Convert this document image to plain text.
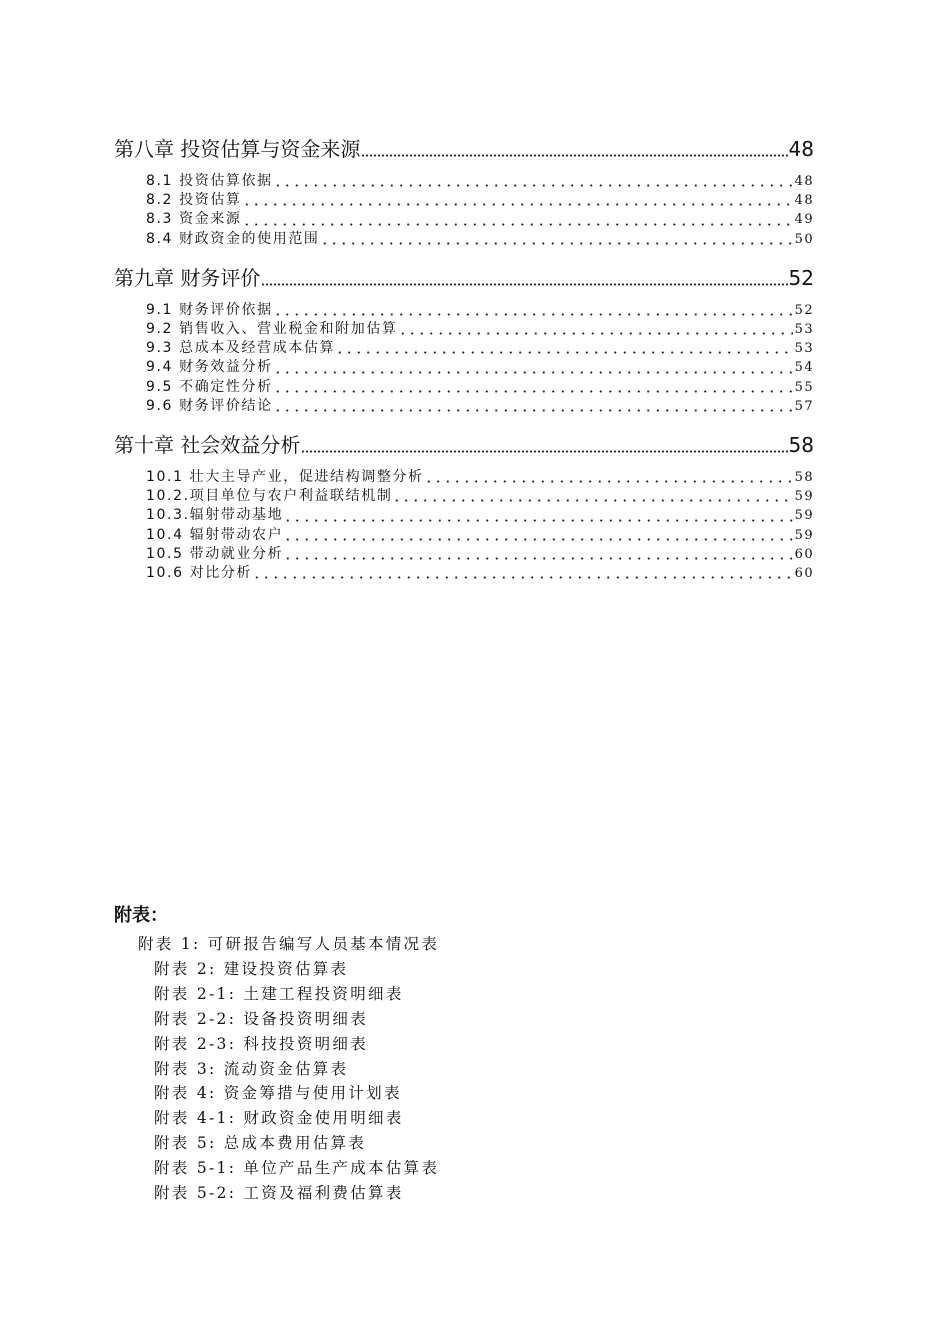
第八章 投资估算与资金来源	48
8.1 投资估算依据	48
8.2 投资估算	48
8.3 资金来源	49
8.4 财政资金的使用范围	50
第九章 财务评价	52
9.1 财务评价依据	52
9.2 销售收入、营业税金和附加估算	53
9.3 总成本及经营成本估算	53
9.4 财务效益分析	54
9.5 不确定性分析	55
9.6 财务评价结论	57
第十章 社会效益分析	58
10.1 壮大主导产业，促进结构调整分析	58
10.2.项目单位与农户利益联结机制	59
10.3.辐射带动基地	59
10.4 辐射带动农户	59
10.5 带动就业分析	60
10.6 对比分析	60
附表：
附表 1: 可研报告编写人员基本情况表
附表 2: 建设投资估算表
附表 2-1: 土建工程投资明细表
附表 2-2: 设备投资明细表
附表 2-3: 科技投资明细表
附表 3: 流动资金估算表
附表 4: 资金筹措与使用计划表
附表 4-1: 财政资金使用明细表
附表 5: 总成本费用估算表
附表 5-1: 单位产品生产成本估算表
附表 5-2: 工资及福利费估算表
